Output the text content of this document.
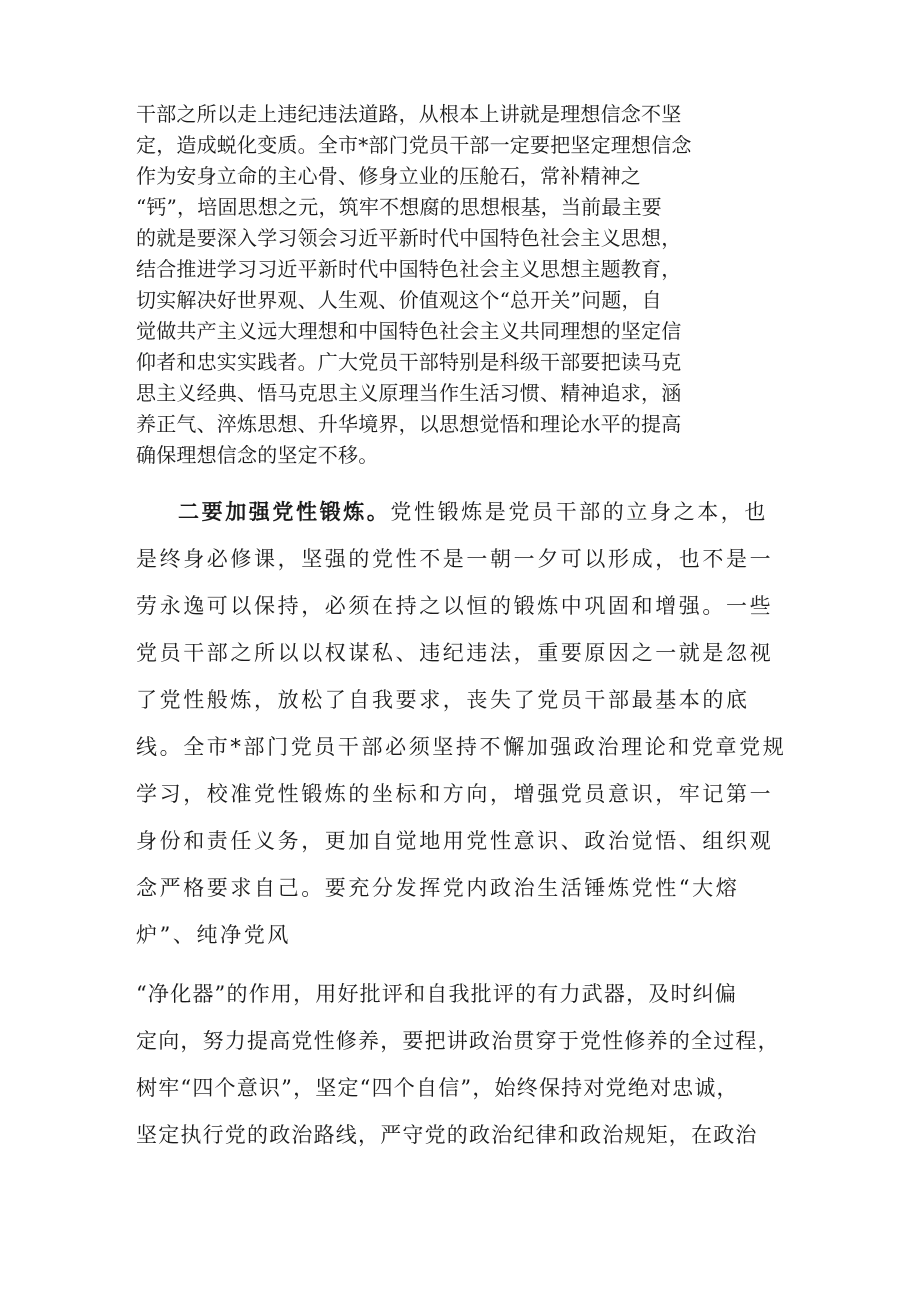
干部之所以走上违纪违法道路，从根本上讲就是理想信念不坚
定，造成蜕化变质。全市*部门党员干部一定要把坚定理想信念
作为安身立命的主心骨、修身立业的压舱石，常补精神之
“钙”，培固思想之元，筑牢不想腐的思想根基，当前最主要
的就是要深入学习领会习近平新时代中国特色社会主义思想，
结合推进学习习近平新时代中国特色社会主义思想主题教育，
切实解决好世界观、人生观、价值观这个“总开关”问题，自
觉做共产主义远大理想和中国特色社会主义共同理想的坚定信
仰者和忠实实践者。广大党员干部特别是科级干部要把读马克
思主义经典、悟马克思主义原理当作生活习惯、精神追求，涵
养正气、淬炼思想、升华境界，以思想觉悟和理论水平的提高
确保理想信念的坚定不移。
二要加强党性锻炼。党性锻炼是党员干部的立身之本，也
是终身必修课，坚强的党性不是一朝一夕可以形成，也不是一
劳永逸可以保持，必须在持之以恒的锻炼中巩固和增强。一些
党员干部之所以以权谋私、违纪违法，重要原因之一就是忽视
了党性般炼，放松了自我要求，丧失了党员干部最基本的底
线。全市*部门党员干部必须坚持不懈加强政治理论和党章党规
学习，校准党性锻炼的坐标和方向，增强党员意识，牢记第一
身份和责任义务，更加自觉地用党性意识、政治觉悟、组织观
念严格要求自己。要充分发挥党内政治生活锤炼党性“大熔
炉”、纯净党风
“净化器”的作用，用好批评和自我批评的有力武器，及时纠偏
定向，努力提高党性修养，要把讲政治贯穿于党性修养的全过程，
树牢“四个意识”，坚定“四个自信”，始终保持对党绝对忠诚，
坚定执行党的政治路线，严守党的政治纪律和政治规矩，在政治
